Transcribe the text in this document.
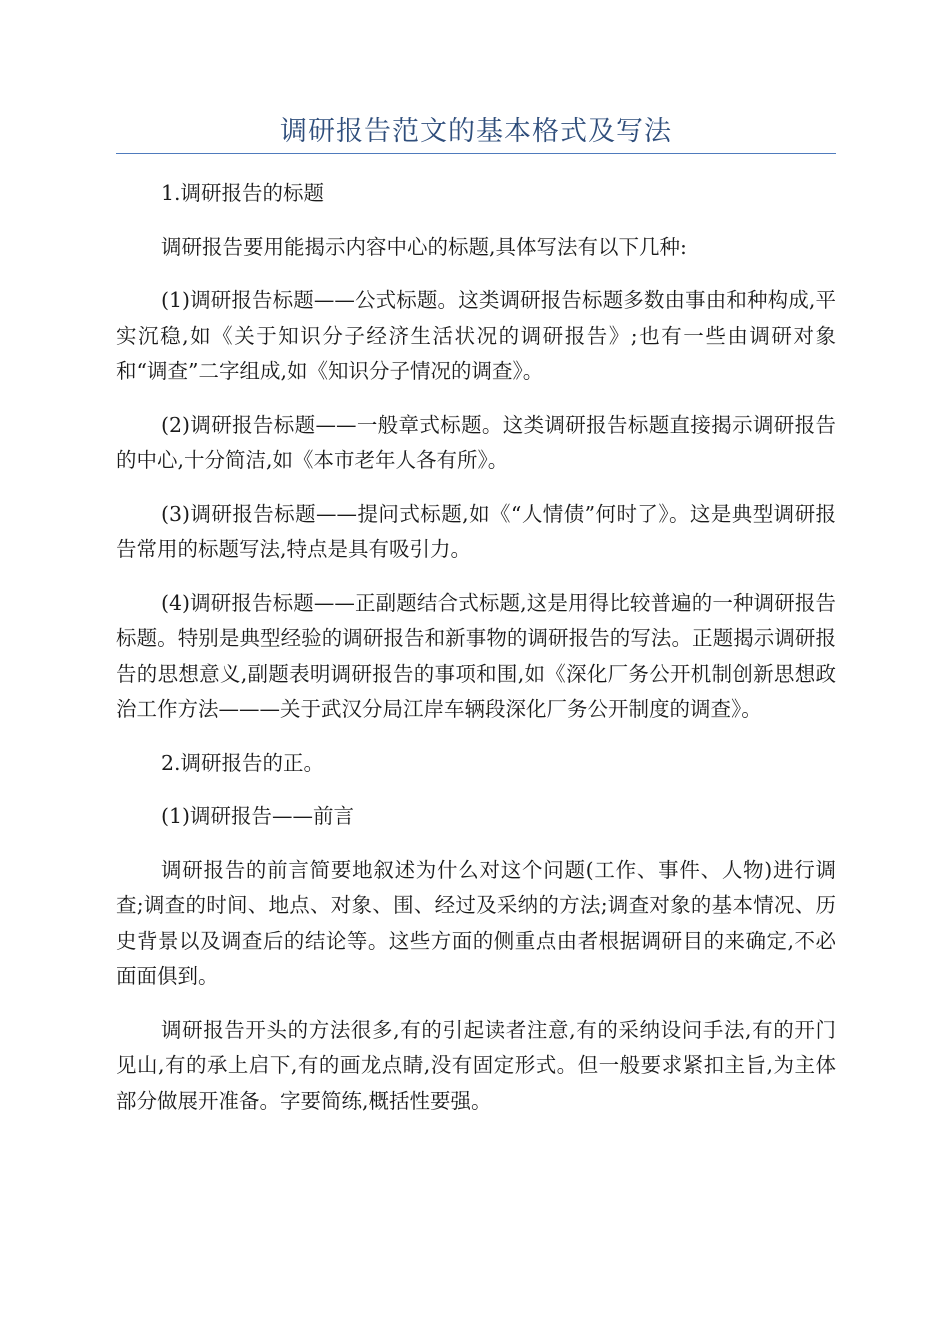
调研报告范文的基本格式及写法

1.调研报告的标题

调研报告要用能揭示内容中心的标题,具体写法有以下几种:

(1)调研报告标题——公式标题。这类调研报告标题多数由事由和种构成,平实沉稳,如《关于知识分子经济生活状况的调研报告》;也有一些由调研对象和“调查”二字组成,如《知识分子情况的调查》。

(2)调研报告标题——一般章式标题。这类调研报告标题直接揭示调研报告的中心,十分简洁,如《本市老年人各有所》。

(3)调研报告标题——提问式标题,如《“人情债”何时了》。这是典型调研报告常用的标题写法,特点是具有吸引力。

(4)调研报告标题——正副题结合式标题,这是用得比较普遍的一种调研报告标题。特别是典型经验的调研报告和新事物的调研报告的写法。正题揭示调研报告的思想意义,副题表明调研报告的事项和围,如《深化厂务公开机制创新思想政治工作方法———关于武汉分局江岸车辆段深化厂务公开制度的调查》。

2.调研报告的正。

(1)调研报告——前言

调研报告的前言简要地叙述为什么对这个问题(工作、事件、人物)进行调查;调查的时间、地点、对象、围、经过及采纳的方法;调查对象的基本情况、历史背景以及调查后的结论等。这些方面的侧重点由者根据调研目的来确定,不必面面俱到。

调研报告开头的方法很多,有的引起读者注意,有的采纳设问手法,有的开门见山,有的承上启下,有的画龙点睛,没有固定形式。但一般要求紧扣主旨,为主体部分做展开准备。字要简练,概括性要强。
